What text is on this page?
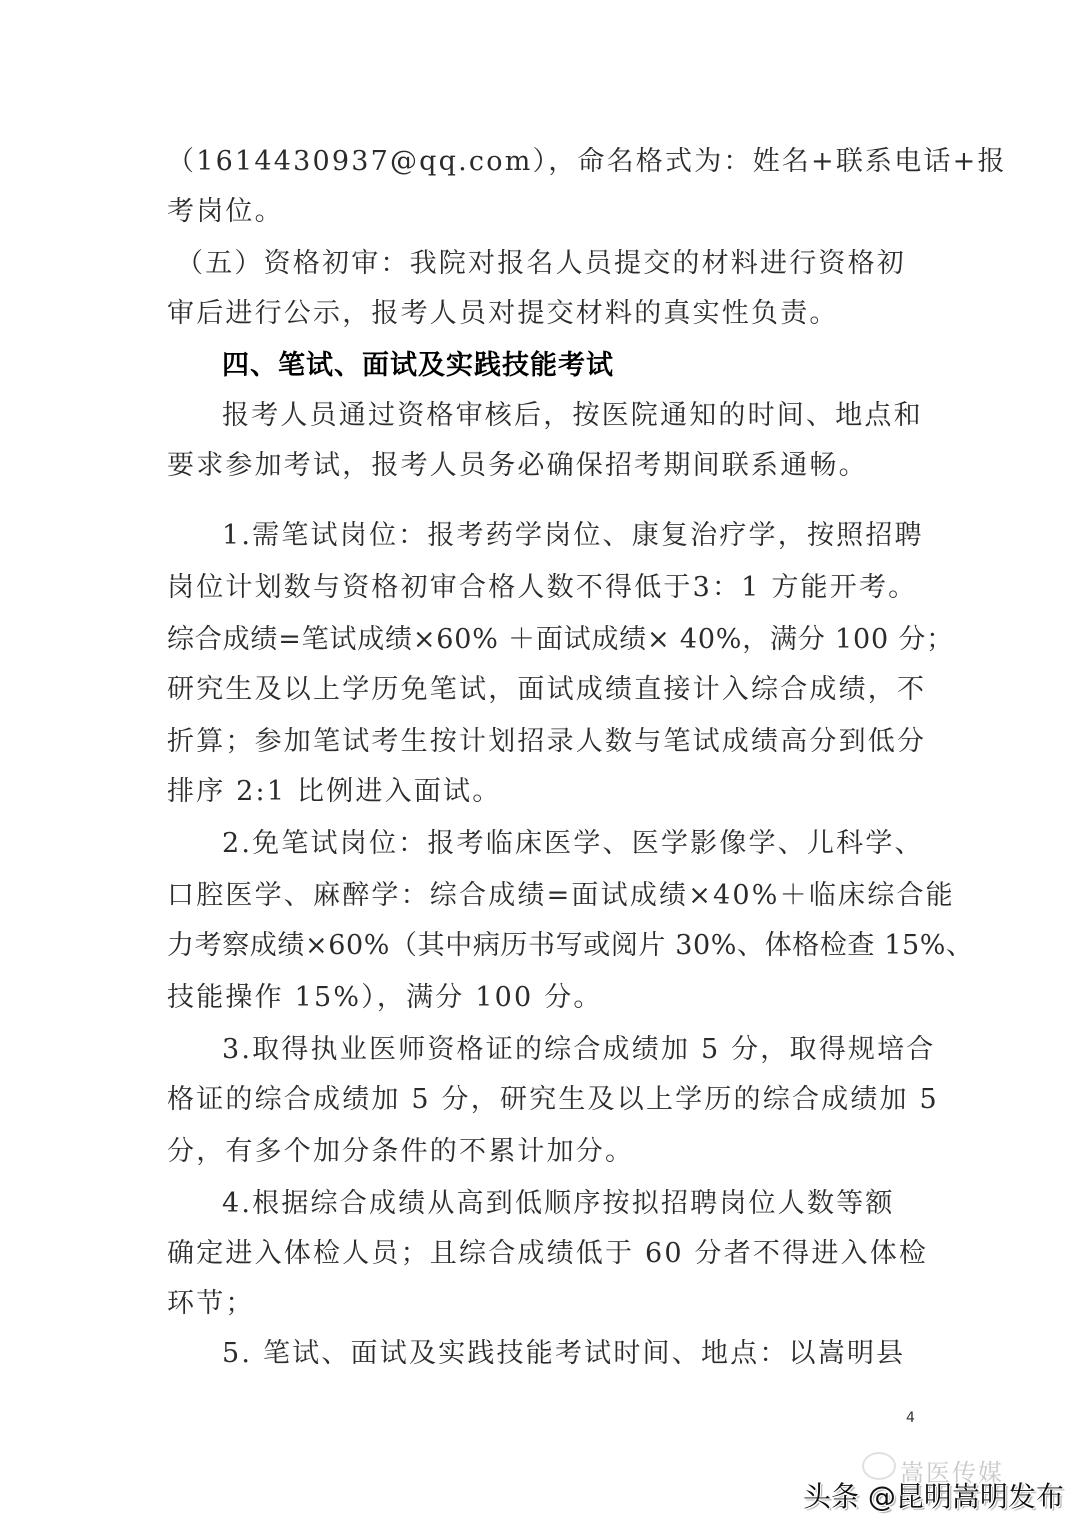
（1614430937@qq.com），命名格式为：姓名+联系电话+报
考岗位。
（五）资格初审：我院对报名人员提交的材料进行资格初
审后进行公示，报考人员对提交材料的真实性负责。
四、笔试、面试及实践技能考试
报考人员通过资格审核后，按医院通知的时间、地点和
要求参加考试，报考人员务必确保招考期间联系通畅。
1.需笔试岗位：报考药学岗位、康复治疗学，按照招聘
岗位计划数与资格初审合格人数不得低于3：1 方能开考。
综合成绩=笔试成绩×60% ＋面试成绩× 40%，满分 100 分；
研究生及以上学历免笔试，面试成绩直接计入综合成绩，不
折算；参加笔试考生按计划招录人数与笔试成绩高分到低分
排序 2:1 比例进入面试。
2.免笔试岗位：报考临床医学、医学影像学、儿科学、
口腔医学、麻醉学：综合成绩=面试成绩×40%＋临床综合能
力考察成绩×60%（其中病历书写或阅片 30%、体格检查 15%、
技能操作 15%），满分 100 分。
3.取得执业医师资格证的综合成绩加 5 分，取得规培合
格证的综合成绩加 5 分，研究生及以上学历的综合成绩加 5
分，有多个加分条件的不累计加分。
4.根据综合成绩从高到低顺序按拟招聘岗位人数等额
确定进入体检人员；且综合成绩低于 60 分者不得进入体检
环节；
5. 笔试、面试及实践技能考试时间、地点：以嵩明县
4
嵩医传媒
头条 @昆明嵩明发布
